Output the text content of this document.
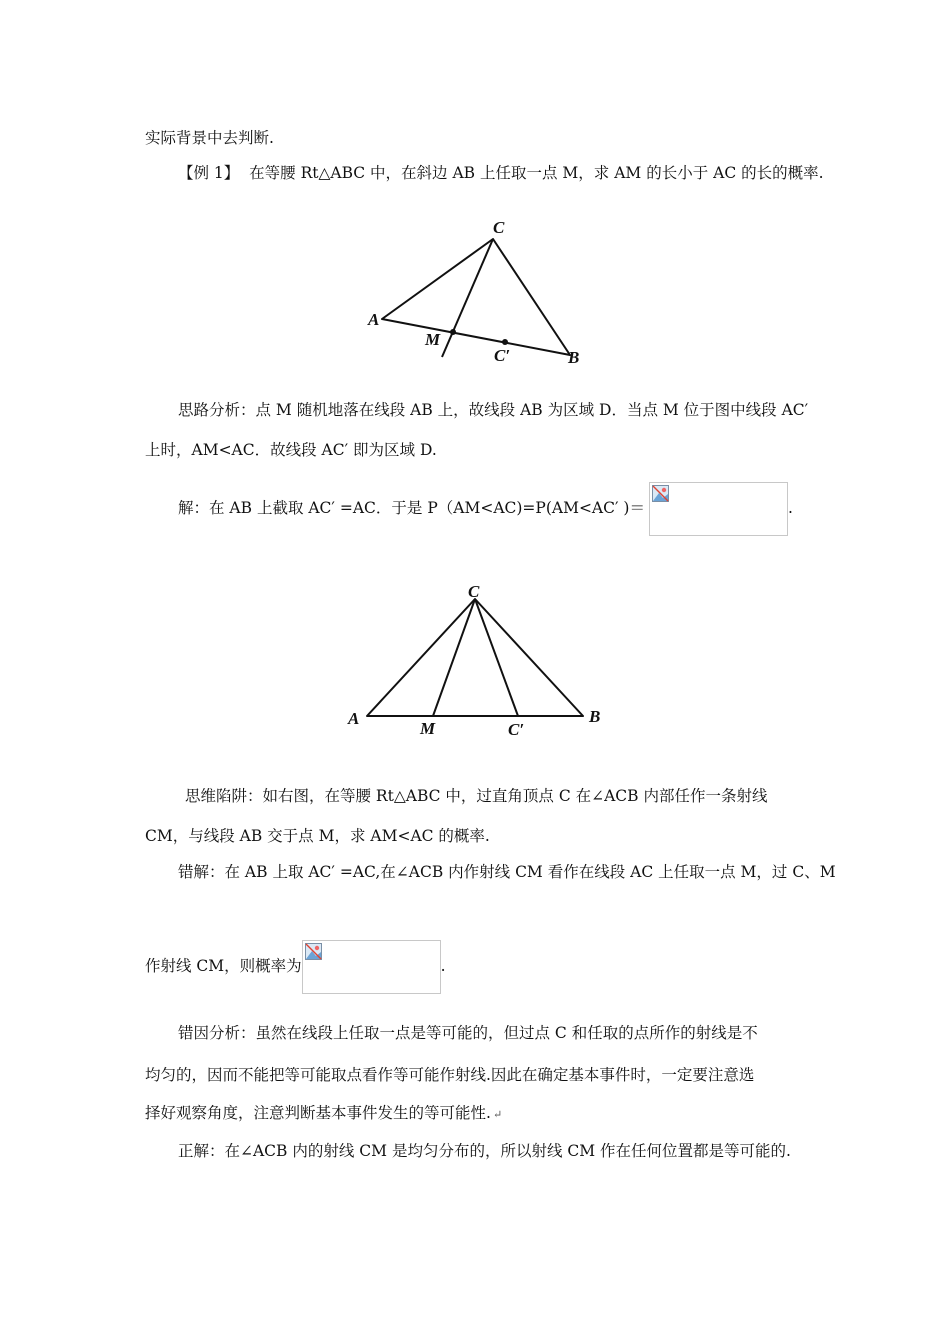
实际背景中去判断.
【例 1】 在等腰 Rt△ABC 中，在斜边 AB 上任取一点 M，求 AM 的长小于 AC 的长的概率.
A
C
B
M
C′
思路分析：点 M 随机地落在线段 AB 上，故线段 AB 为区域 D．当点 M 位于图中线段 AC′
上时，AM<AC．故线段 AC′ 即为区域 D.
解：在 AB 上截取 AC′ =AC．于是 P（AM<AC)=P(AM<AC′ )＝	.
A
C
B
M	C′
思维陷阱：如右图，在等腰 Rt△ABC 中，过直角顶点 C 在∠ACB 内部任作一条射线
CM，与线段 AB 交于点 M，求 AM<AC 的概率.
错解：在 AB 上取 AC′ =AC,在∠ACB 内作射线 CM 看作在线段 AC 上任取一点 M，过 C、M
作射线 CM，则概率为	.
错因分析：虽然在线段上任取一点是等可能的，但过点 C 和任取的点所作的射线是不
均匀的，因而不能把等可能取点看作等可能作射线.因此在确定基本事件时，一定要注意选
择好观察角度，注意判断基本事件发生的等可能性. ↵
正解：在∠ACB 内的射线 CM 是均匀分布的，所以射线 CM 作在任何位置都是等可能的.
